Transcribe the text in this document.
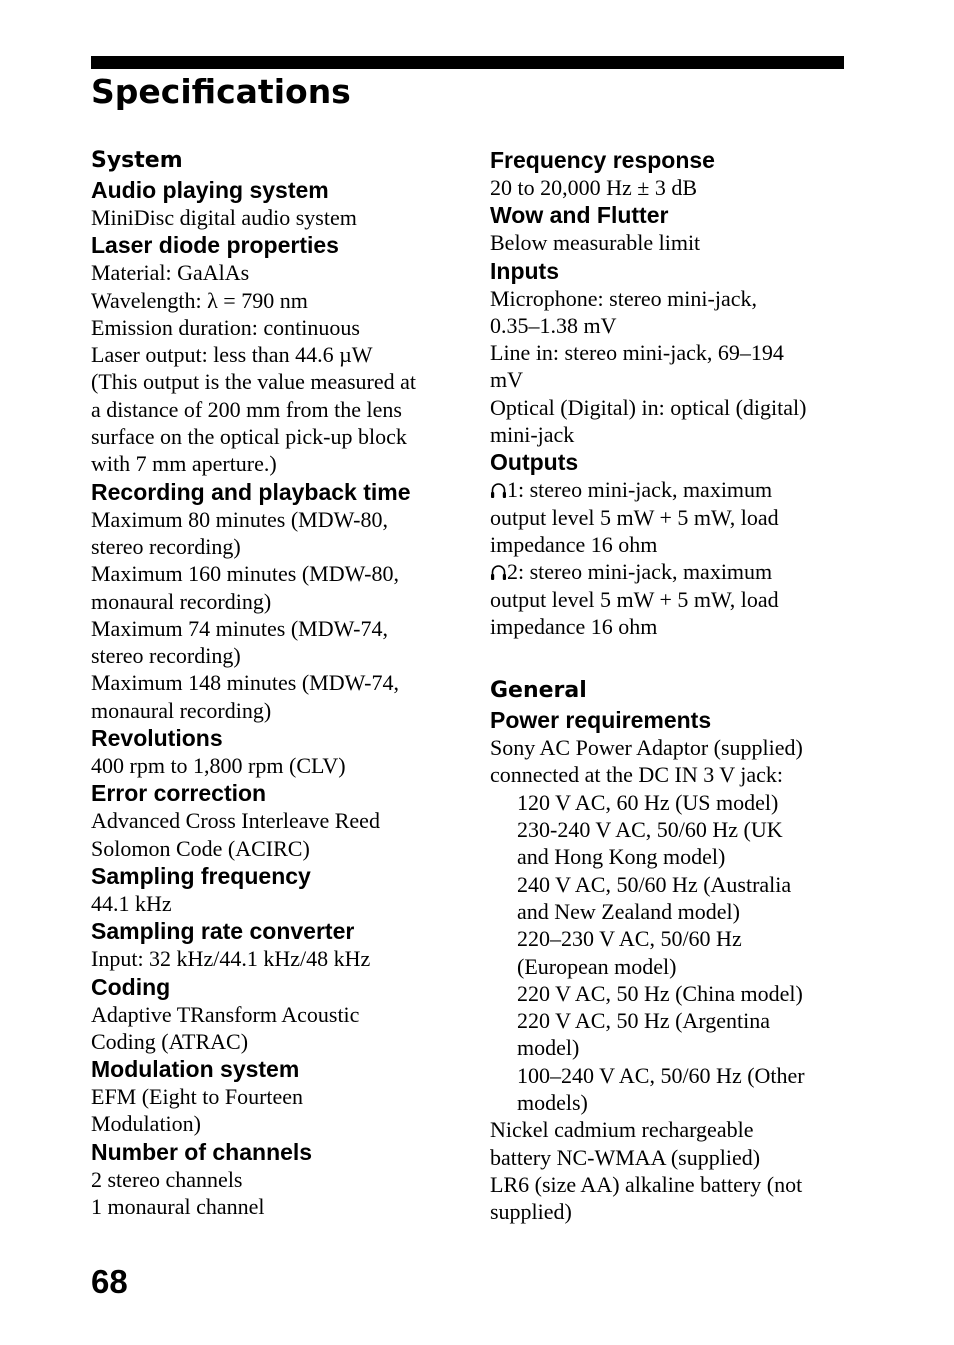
Specifications
System
Audio playing system
MiniDisc digital audio system
Laser diode properties
Material: GaAlAs
Wavelength: λ = 790 nm
Emission duration: continuous
Laser output: less than 44.6 µW
(This output is the value measured at
a distance of 200 mm from the lens
surface on the optical pick-up block
with 7 mm aperture.)
Recording and playback time
Maximum 80 minutes (MDW-80,
stereo recording)
Maximum 160 minutes (MDW-80,
monaural recording)
Maximum 74 minutes (MDW-74,
stereo recording)
Maximum 148 minutes (MDW-74,
monaural recording)
Revolutions
400 rpm to 1,800 rpm (CLV)
Error correction
Advanced Cross Interleave Reed
Solomon Code (ACIRC)
Sampling frequency
44.1 kHz
Sampling rate converter
Input: 32 kHz/44.1 kHz/48 kHz
Coding
Adaptive TRansform Acoustic
Coding (ATRAC)
Modulation system
EFM (Eight to Fourteen
Modulation)
Number of channels
2 stereo channels
1 monaural channel
Frequency response
20 to 20,000 Hz ± 3 dB
Wow and Flutter
Below measurable limit
Inputs
Microphone: stereo mini-jack,
0.35–1.38 mV
Line in: stereo mini-jack, 69–194
mV
Optical (Digital) in: optical (digital)
mini-jack
Outputs
1: stereo mini-jack, maximum
output level 5 mW + 5 mW, load
impedance 16 ohm
2: stereo mini-jack, maximum
output level 5 mW + 5 mW, load
impedance 16 ohm
General
Power requirements
Sony AC Power Adaptor (supplied)
connected at the DC IN 3 V jack:
120 V AC, 60 Hz (US model)
230-240 V AC, 50/60 Hz (UK
and Hong Kong model)
240 V AC, 50/60 Hz (Australia
and New Zealand model)
220–230 V AC, 50/60 Hz
(European model)
220 V AC, 50 Hz (China model)
220 V AC, 50 Hz (Argentina
model)
100–240 V AC, 50/60 Hz (Other
models)
Nickel cadmium rechargeable
battery NC-WMAA (supplied)
LR6 (size AA) alkaline battery (not
supplied)
68
